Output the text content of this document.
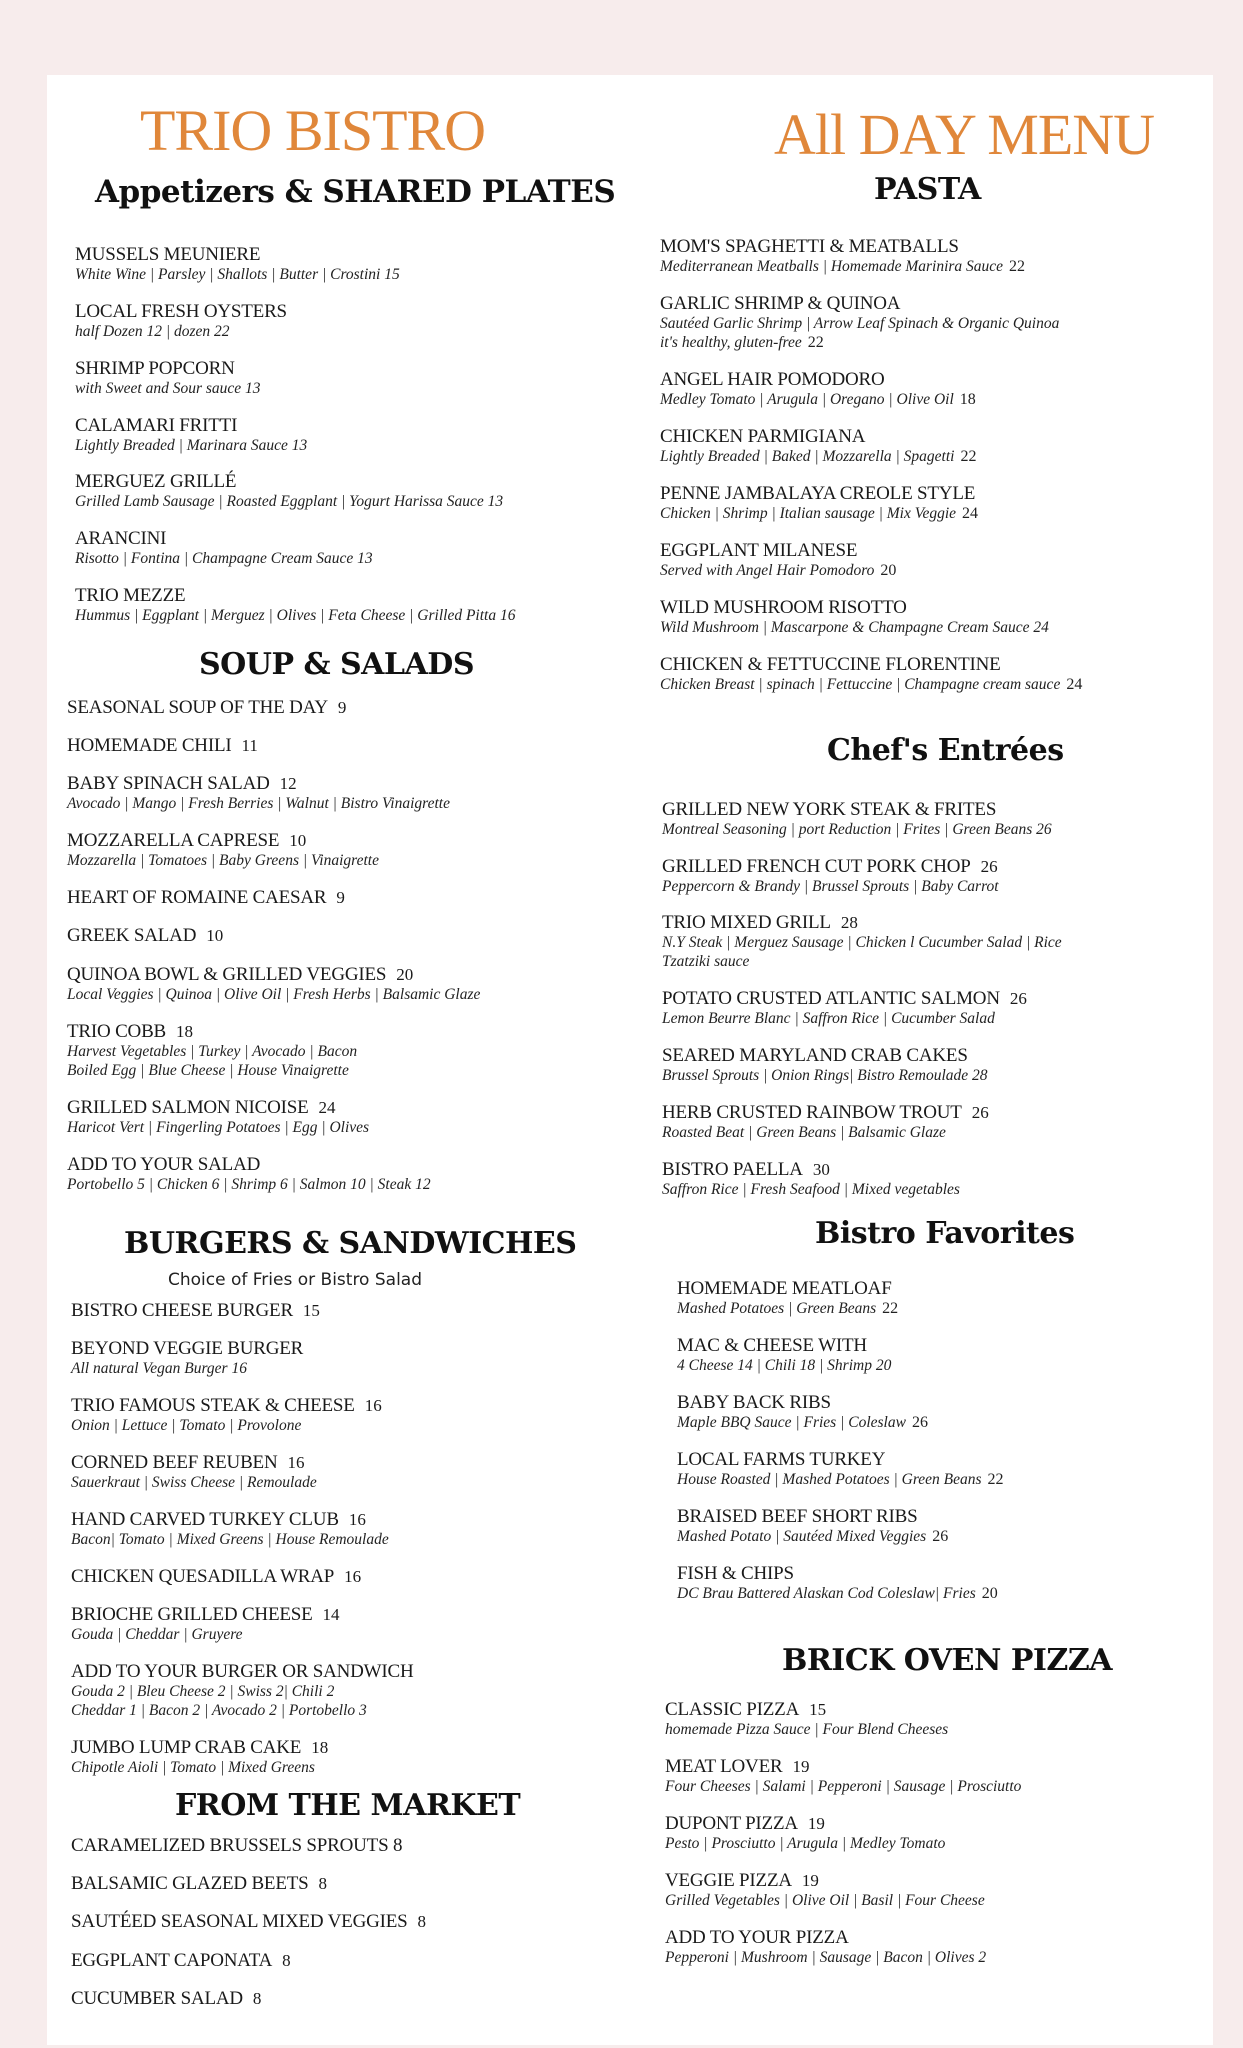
TRIO BISTRO
Appetizers & SHARED PLATES
MUSSELS MEUNIERE
White Wine | Parsley | Shallots | Butter | Crostini 15
LOCAL FRESH OYSTERS
half Dozen 12 | dozen 22
SHRIMP POPCORN
with Sweet and Sour sauce 13
CALAMARI FRITTI
Lightly Breaded | Marinara Sauce 13
MERGUEZ GRILLÉ
Grilled Lamb Sausage | Roasted Eggplant | Yogurt Harissa Sauce 13
ARANCINI
Risotto | Fontina | Champagne Cream Sauce 13
TRIO MEZZE
Hummus | Eggplant | Merguez | Olives | Feta Cheese | Grilled Pitta 16
SOUP & SALADS
SEASONAL SOUP OF THE DAY 9
HOMEMADE CHILI 11
BABY SPINACH SALAD 12
Avocado | Mango | Fresh Berries | Walnut | Bistro Vinaigrette
MOZZARELLA CAPRESE 10
Mozzarella | Tomatoes | Baby Greens | Vinaigrette
HEART OF ROMAINE CAESAR 9
GREEK SALAD 10
QUINOA BOWL & GRILLED VEGGIES 20
Local Veggies | Quinoa | Olive Oil | Fresh Herbs | Balsamic Glaze
TRIO COBB 18
Harvest Vegetables | Turkey | Avocado | Bacon
Boiled Egg | Blue Cheese | House Vinaigrette
GRILLED SALMON NICOISE 24
Haricot Vert | Fingerling Potatoes | Egg | Olives
ADD TO YOUR SALAD
Portobello 5 | Chicken 6 | Shrimp 6 | Salmon 10 | Steak 12
BURGERS & SANDWICHES
Choice of Fries or Bistro Salad
BISTRO CHEESE BURGER 15
BEYOND VEGGIE BURGER
All natural Vegan Burger 16
TRIO FAMOUS STEAK & CHEESE 16
Onion | Lettuce | Tomato | Provolone
CORNED BEEF REUBEN 16
Sauerkraut | Swiss Cheese | Remoulade
HAND CARVED TURKEY CLUB 16
Bacon| Tomato | Mixed Greens | House Remoulade
CHICKEN QUESADILLA WRAP 16
BRIOCHE GRILLED CHEESE 14
Gouda | Cheddar | Gruyere
ADD TO YOUR BURGER OR SANDWICH
Gouda 2 | Bleu Cheese 2 | Swiss 2| Chili 2
Cheddar 1 | Bacon 2 | Avocado 2 | Portobello 3
JUMBO LUMP CRAB CAKE 18
Chipotle Aioli | Tomato | Mixed Greens
FROM THE MARKET
CARAMELIZED BRUSSELS SPROUTS 8
BALSAMIC GLAZED BEETS 8
SAUTÉED SEASONAL MIXED VEGGIES 8
EGGPLANT CAPONATA 8
CUCUMBER SALAD 8
All DAY MENU
PASTA
MOM'S SPAGHETTI & MEATBALLS
Mediterranean Meatballs | Homemade Marinira Sauce 22
GARLIC SHRIMP & QUINOA
Sautéed Garlic Shrimp | Arrow Leaf Spinach & Organic Quinoa
it's healthy, gluten-free 22
ANGEL HAIR POMODORO
Medley Tomato | Arugula | Oregano | Olive Oil 18
CHICKEN PARMIGIANA
Lightly Breaded | Baked | Mozzarella | Spagetti 22
PENNE JAMBALAYA CREOLE STYLE
Chicken | Shrimp | Italian sausage | Mix Veggie 24
EGGPLANT MILANESE
Served with Angel Hair Pomodoro 20
WILD MUSHROOM RISOTTO
Wild Mushroom | Mascarpone & Champagne Cream Sauce 24
CHICKEN & FETTUCCINE FLORENTINE
Chicken Breast | spinach | Fettuccine | Champagne cream sauce 24
Chef's Entrées
GRILLED NEW YORK STEAK & FRITES
Montreal Seasoning | port Reduction | Frites | Green Beans 26
GRILLED FRENCH CUT PORK CHOP 26
Peppercorn & Brandy | Brussel Sprouts | Baby Carrot
TRIO MIXED GRILL 28
N.Y Steak | Merguez Sausage | Chicken l Cucumber Salad | Rice
Tzatziki sauce
POTATO CRUSTED ATLANTIC SALMON 26
Lemon Beurre Blanc | Saffron Rice | Cucumber Salad
SEARED MARYLAND CRAB CAKES
Brussel Sprouts | Onion Rings| Bistro Remoulade 28
HERB CRUSTED RAINBOW TROUT 26
Roasted Beat | Green Beans | Balsamic Glaze
BISTRO PAELLA 30
Saffron Rice | Fresh Seafood | Mixed vegetables
Bistro Favorites
HOMEMADE MEATLOAF
Mashed Potatoes | Green Beans 22
MAC & CHEESE WITH
4 Cheese 14 | Chili 18 | Shrimp 20
BABY BACK RIBS
Maple BBQ Sauce | Fries | Coleslaw 26
LOCAL FARMS TURKEY
House Roasted | Mashed Potatoes | Green Beans 22
BRAISED BEEF SHORT RIBS
Mashed Potato | Sautéed Mixed Veggies 26
FISH & CHIPS
DC Brau Battered Alaskan Cod Coleslaw| Fries 20
BRICK OVEN PIZZA
CLASSIC PIZZA 15
homemade Pizza Sauce | Four Blend Cheeses
MEAT LOVER 19
Four Cheeses | Salami | Pepperoni | Sausage | Prosciutto
DUPONT PIZZA 19
Pesto | Prosciutto | Arugula | Medley Tomato
VEGGIE PIZZA 19
Grilled Vegetables | Olive Oil | Basil | Four Cheese
ADD TO YOUR PIZZA
Pepperoni | Mushroom | Sausage | Bacon | Olives 2
